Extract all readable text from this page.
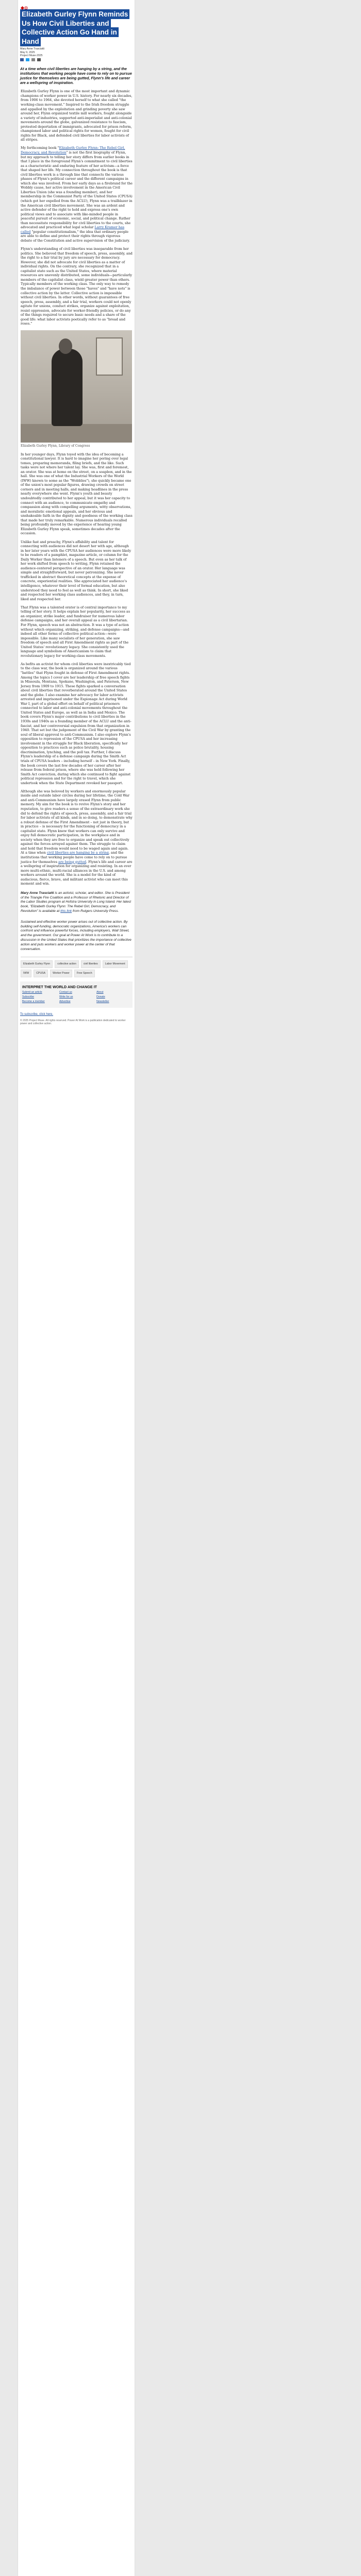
Elizabeth Gurley Flynn Reminds Us How Civil Liberties and Collective Action Go Hand in Hand
Mary Anne Trasciatti
May 9, 2025
Project Muse-2025
At a time when civil liberties are hanging by a string, and the institutions that working people have come to rely on to pursue justice for themselves are being gutted, Flynn's life and career are a wellspring of inspiration.

Elizabeth Gurley Flynn is one of the most important and dynamic champions of worker power in U.S. history. For nearly six decades, from 1906 to 1964, she devoted herself to what she called "the working-class movement." Inspired to the Irish freedom struggle and appalled by the exploitation and grinding poverty she saw around her, Flynn organized textile mill workers, fought alongside a variety of industries, supported anti-imperialist and anti-colonial movements around the globe, galvanized resistance to fascism, protested deportation of immigrants, advocated for prison reform, championed labor and political rights for women, fought for civil rights for Black, and defended civil liberties for labor activists of all stripes.

My forthcoming book "Elizabeth Gurley Flynn: The Rebel Girl, Democracy, and Revolution" is not the first biography of Flynn, but my approach to telling her story differs from earlier books in that I place in the foreground Flynn's commitment to civil liberties as a characteristic and enduring feature of her activism—a force that shaped her life. My connection throughout the book is that civil liberties work is a through line that connects the various phases of Flynn's political career and the different campaigns in which she was involved. From her early days as a firebrand for the Wobbly cause, her active involvement in the American Civil Liberties Union (she was a founding member), and her membership in the Communist Party of the United States (CPUSA) (which got her expelled from the ACLU), Flynn was a trailblazer in the American civil liberties movement. She was an ardent and active defender of the right to hold and express one's own political views and to associate with like-minded people in peaceful pursuit of economic, social, and political change. Rather than necessitate responsibility for civil liberties to the courts, she advocated and practiced what legal scholar Larry Kramer has called "popular constitutionalism," the idea that ordinary people are able to define and protect their rights through vigorous debate of the Constitution and active supervision of the judiciary.

Flynn's understanding of civil liberties was inseparable from her politics. She believed that freedom of speech, press, assembly, and the right to a fair trial by jury are necessary for democracy. However, she did not advocate for civil liberties as a matter of individual rights. On the contrary, she recognized that in a capitalist state such as the United States, where material resources are unevenly distributed, some individuals—particularly members of the capitalist class, wield greater power than others. Typically members of the working class. The only way to remedy the imbalance of power between those "haves" and "have nots" is collective action by the latter. Collective action is impossible without civil liberties. In other words, without guarantees of free speech, press, assembly, and a fair trial, workers could not openly agitate for unions, conduct strikes, organize against exploitation, resist oppression, advocate for worker-friendly policies, or do any of the things required to secure basic needs and a share of the good life: what labor activists poetically refer to as "bread and roses."

Elizabeth Gurley Flynn, Library of Congress

In her younger days, Flynn toyed with the idea of becoming a constitutional lawyer. It is hard to imagine her poring over legal tomes, preparing memoranda, filing briefs, and the like. Such tasks were not where her talent lay. She was, first and foremost, an orator. She was at home on the street, on a soapbox, and in the hall. She was one of what the Industrial Workers of the World (IWW) known to some as the "Wobblies"), she quickly became one of the union's most popular figures, drawing crowds on street corners and in meeting halls, and making headlines in the press nearly everywhere she went. Flynn's youth and beauty undoubtedly contributed to her appeal, but it was her capacity to connect with an audience, to communicate empathy and compassion along with compelling arguments, witty observations, and moralistic emotional appeals, and her obvious and unshakeable faith in the dignity and goodness of the working class that made her truly remarkable. Numerous individuals recalled being profoundly moved by the experience of hearing young Elizabeth Gurley Flynn speak, sometimes decades after the occasion.

Unlike fast and preachy, Flynn's affability and talent for connecting with audiences did not desert her with age, although in her later years with the CPUSA her audiences were more likely to be readers of a pamphlet, magazine article, or column for the Daily Worker than listeners of a speech. But even as her talk of her work shifted from speech to writing, Flynn retained the audience-centered perspective of an orator. Her language was simple and straightforward, but never patronizing. She never trafficked in abstract theoretical concepts at the expense of concrete, experiential realities. She appreciated her audience's intelligence, whatever their level of formal education, but also understood they need to feel as well as think. In short, she liked and respected her working class audiences, and they, in turn, liked and respected her.

That Flynn was a talented orator is of central importance to my telling of her story. It helps explain her popularity, her success as an organizer, strike leader, and fundraiser for numerous labor defense campaigns, and her overall appeal as a civil libertarian. For Flynn, speech was not an abstraction. It was a type of action without which organizing, striking, and defense campaigns—and indeed all other forms of collective political action—were impossible. Like many socialists of her generation, she saw freedom of speech and all First Amendment rights as part of the United States' revolutionary legacy. She consistently used the language and symbolism of Americanism to claim that revolutionary legacy for working-class movements.

As befits an activist for whom civil liberties were inextricably tied to the class war, the book is organized around the various "battles" that Flynn fought in defense of First Amendment rights. Among the topics I cover are her leadership of free speech fights in Missoula, Montana, Spokane, Washington, and Paterson, New Jersey from 1909 to 1915. These fights sparked a conversation about civil liberties that reverberated around the United States and the globe. I also examine her advocacy for labor activists arrested and imprisoned under the Espionage Act during World War I, part of a global effort on behalf of political prisoners connected to labor and anti-colonial movements throughout the United States and Europe, as well as in India and Mexico. The book covers Flynn's major contributions to civil liberties in the 1930s and 1940s as a founding member of the ACLU and the anti-fascist, and her controversial expulsion from that organization in 1940. That set but the judgement of the Civil War by granting the soul of liberal approval to anti-Communism. I also explore Flynn's opposition to repression of the CPUSA and her increasing involvement in the struggle for Black liberation, specifically her opposition to practices such as police brutality, housing discrimination, lynching, and the poll tax. Further, I discuss Flynn's leadership of a defense campaign during the Smith Act trials of CPUSA leaders – including herself – in New York. Finally, the book covers the last few decades of her career after her release from federal prison, where she was held following her Smith Act conviction, during which she continued to fight against political repression and for the right to travel, which she undertook when the State Department revoked her passport.

Although she was beloved by workers and enormously popular inside and outside labor circles during her lifetime, the Cold War and anti-Communism have largely erased Flynn from public memory. My aim for the book is to revive Flynn's story and her reputation, to give readers a sense of the extraordinary work she did to defend the rights of speech, press, assembly, and a fair trial for labor activists of all kinds, and in so doing, to demonstrate why a robust defense of the First Amendment – not just in theory, but in practice – is necessary for the functioning of democracy in a capitalist state. Flynn knew that workers can only survive and enjoy full democratic participation, in the workplace and in society when they are free to organize and speak out collectively against the forces arrayed against them. The struggle to claim and hold that freedom would need to be waged again and again. At a time when civil liberties are hanging by a string, and the institutions that working people have come to rely on to pursue justice for themselves are being gutted. Flynn's life and career are a wellspring of inspiration for organizing and resisting. In an ever more multi-ethnic, multi-racial alliances in the U.S. and among workers around the world. She is a model for the kind of audacious, fierce, brave, and militant activist who can meet this moment and win.

Mary Anne Trasciatti is an activist, scholar, and editor. She is President of the Triangle Fire Coalition and a Professor of Rhetoric and Director of the Labor Studies program at Hofstra University in Long Island. Her latest book, "Elizabeth Gurley Flynn: The Rebel Girl, Democracy, and Revolution" is available at this link from Rutgers University Press.
Sustained and effective worker power arises out of collective action. By building self-funding, democratic organizations, America's workers can confront and influence powerful forces, including employers, Wall Street, and the government. Our goal at Power At Work is to contribute to a discussion in the United States that prioritizes the importance of collective action and puts workers and worker power at the center of that conversation.
Elizabeth Gurley Flynn	collective action	civil liberties	Labor Movement
IWW	CPUSA	Worker Power	Free Speech
INTERPRET THE WORLD AND CHANGE IT
Submit an article	Contact us	About
Subscribe	Write for us	Donate
Become a member	Advertise	Newsletter
To subscribe, click here.
© 2025 Project Muse. All rights reserved. Power At Work is a publication dedicated to worker power and collective action.
